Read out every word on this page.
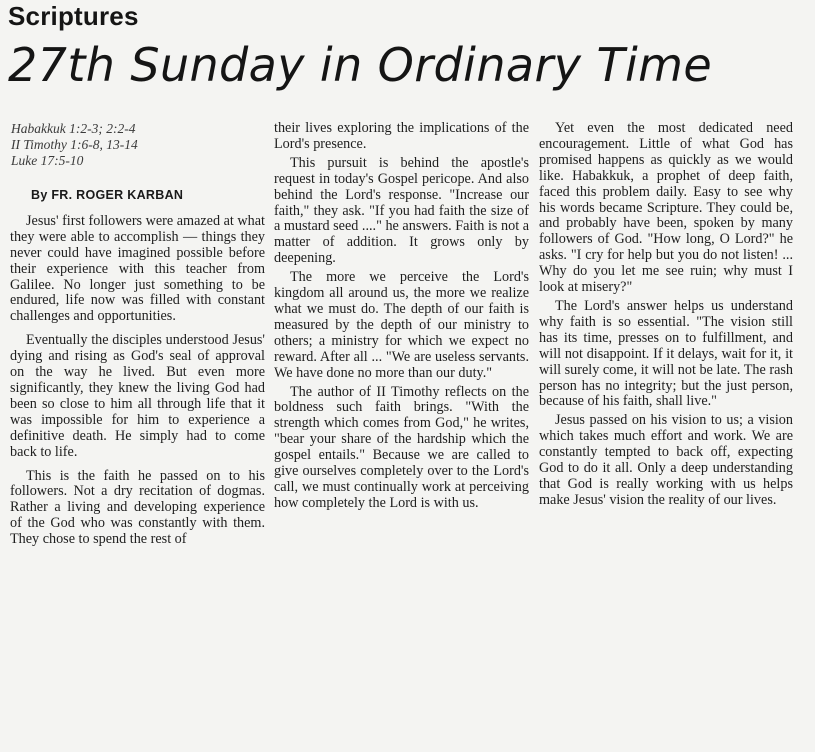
Scriptures
27th Sunday in Ordinary Time
Habakkuk 1:2-3; 2:2-4
II Timothy 1:6-8, 13-14
Luke 17:5-10
By FR. ROGER KARBAN

Jesus' first followers were amazed at what they were able to accomplish — things they never could have imagined possible before their experience with this teacher from Galilee. No longer just something to be endured, life now was filled with constant challenges and opportunities.

Eventually the disciples understood Jesus' dying and rising as God's seal of approval on the way he lived. But even more significantly, they knew the living God had been so close to him all through life that it was impossible for him to experience a definitive death. He simply had to come back to life.

This is the faith he passed on to his followers. Not a dry recitation of dogmas. Rather a living and developing experience of the God who was constantly with them. They chose to spend the rest of

their lives exploring the implications of the Lord's presence.

This pursuit is behind the apostle's request in today's Gospel pericope. And also behind the Lord's response. "Increase our faith," they ask. "If you had faith the size of a mustard seed ...." he answers. Faith is not a matter of addition. It grows only by deepening.

The more we perceive the Lord's kingdom all around us, the more we realize what we must do. The depth of our faith is measured by the depth of our ministry to others; a ministry for which we expect no reward. After all ... "We are useless servants. We have done no more than our duty."

The author of II Timothy reflects on the boldness such faith brings. "With the strength which comes from God," he writes, "bear your share of the hardship which the gospel entails." Because we are called to give ourselves completely over to the Lord's call, we must continually work at perceiving how completely the Lord is with us.

Yet even the most dedicated need encouragement. Little of what God has promised happens as quickly as we would like. Habakkuk, a prophet of deep faith, faced this problem daily. Easy to see why his words became Scripture. They could be, and probably have been, spoken by many followers of God. "How long, O Lord?" he asks. "I cry for help but you do not listen! ... Why do you let me see ruin; why must I look at misery?"

The Lord's answer helps us understand why faith is so essential. "The vision still has its time, presses on to fulfillment, and will not disappoint. If it delays, wait for it, it will surely come, it will not be late. The rash person has no integrity; but the just person, because of his faith, shall live."

Jesus passed on his vision to us; a vision which takes much effort and work. We are constantly tempted to back off, expecting God to do it all. Only a deep understanding that God is really working with us helps make Jesus' vision the reality of our lives.
